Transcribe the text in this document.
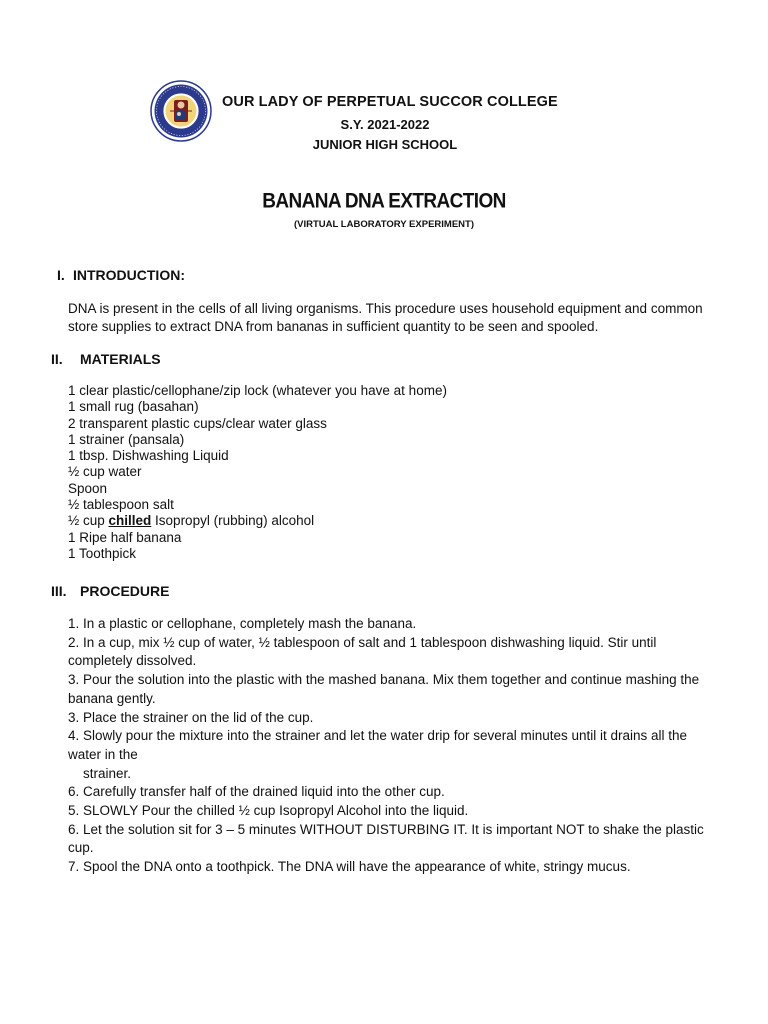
OUR LADY OF PERPETUAL SUCCOR COLLEGE
S.Y. 2021-2022
JUNIOR HIGH SCHOOL
BANANA DNA EXTRACTION
(VIRTUAL LABORATORY EXPERIMENT)
I. INTRODUCTION:
DNA is present in the cells of all living organisms. This procedure uses household equipment and common store supplies to extract DNA from bananas in sufficient quantity to be seen and spooled.
II. MATERIALS
1 clear plastic/cellophane/zip lock (whatever you have at home)
1 small rug (basahan)
2 transparent plastic cups/clear water glass
1 strainer (pansala)
1 tbsp. Dishwashing Liquid
½ cup water
Spoon
½ tablespoon salt
½ cup chilled Isopropyl (rubbing) alcohol
1 Ripe half banana
1 Toothpick
III. PROCEDURE
1. In a plastic or cellophane, completely mash the banana.
2. In a cup, mix ½ cup of water, ½ tablespoon of salt and 1 tablespoon dishwashing liquid. Stir until completely dissolved.
3. Pour the solution into the plastic with the mashed banana. Mix them together and continue mashing the banana gently.
3. Place the strainer on the lid of the cup.
4. Slowly pour the mixture into the strainer and let the water drip for several minutes until it drains all the water in the
strainer.
6. Carefully transfer half of the drained liquid into the other cup.
5. SLOWLY Pour the chilled ½ cup Isopropyl Alcohol into the liquid.
6. Let the solution sit for 3 – 5 minutes WITHOUT DISTURBING IT. It is important NOT to shake the plastic cup.
7. Spool the DNA onto a toothpick. The DNA will have the appearance of white, stringy mucus.
